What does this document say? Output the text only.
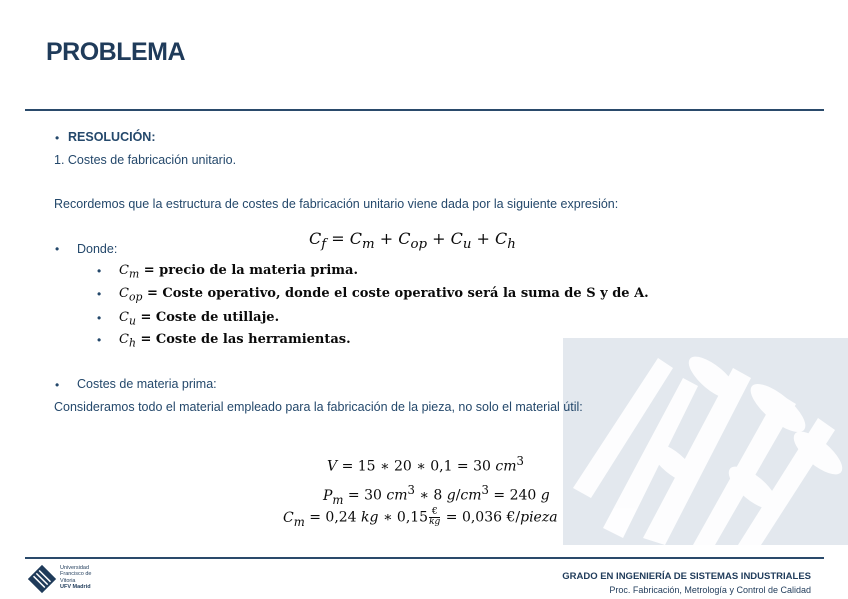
PROBLEMA
• RESOLUCIÓN:
1. Costes de fabricación unitario.
Recordemos que la estructura de costes de fabricación unitario viene dada por la siguiente expresión:
$C_f = C_m + C_{op} + C_u + C_h$
• Donde:
• $C_m$ = precio de la materia prima.
• $C_{op}$ = Coste operativo, donde el coste operativo será la suma de S y de A.
• $C_u$ = Coste de utillaje.
• $C_h$ = Coste de las herramientas.
• Costes de materia prima:
Consideramos todo el material empleado para la fabricación de la pieza, no solo el material útil:
V = 15 ∗ 20 ∗ 0,1 = 30 $cm^3$
$P_m = 30$ $cm^3$ ∗ 8 $g/cm^3 = 240$ g
$C_m = 0,24$ kg ∗ $0,15 \frac{€}{kg} = 0,036$ €/pieza
Universidad
Francisco de
Vitoria
UFV Madrid
GRADO EN INGENIERÍA DE SISTEMAS INDUSTRIALES
Proc. Fabricación, Metrología y Control de Calidad
